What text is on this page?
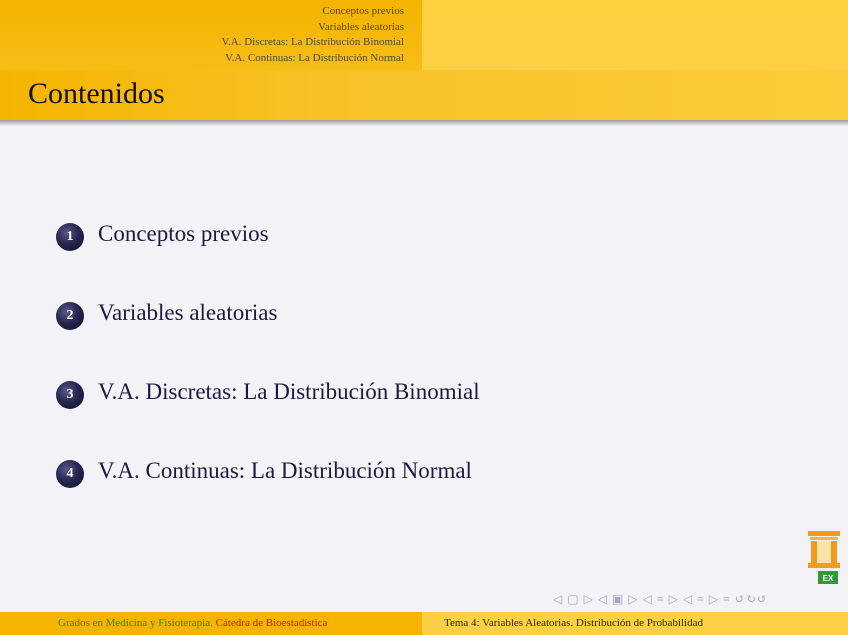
Conceptos previos
Variables aleatorias
V.A. Discretas: La Distribución Binomial
V.A. Continuas: La Distribución Normal
Contenidos
1	Conceptos previos
2	Variables aleatorias
3	V.A. Discretas: La Distribución Binomial
4	V.A. Continuas: La Distribución Normal
EX
◁ ▢ ▷ ◁ ▣ ▷ ◁ ≡ ▷ ◁ ≡ ▷ ≡ ↺↻↺
Grados en Medicina y Fisioterapia. Cátedra de Bioestadística	Tema 4: Variables Aleatorias. Distribución de Probabilidad
